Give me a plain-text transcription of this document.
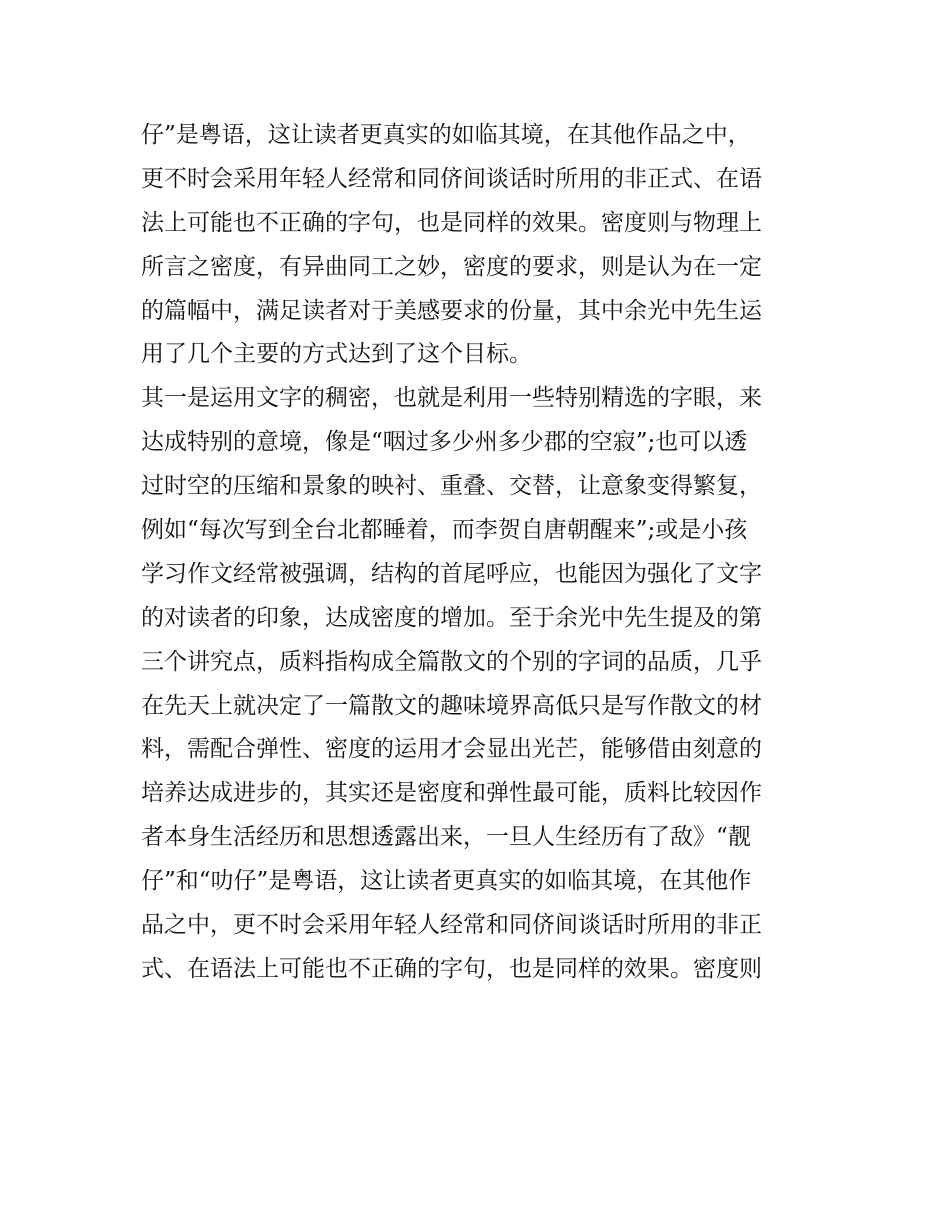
仔”是粤语，这让读者更真实的如临其境，在其他作品之中，
更不时会采用年轻人经常和同侪间谈话时所用的非正式、在语
法上可能也不正确的字句，也是同样的效果。密度则与物理上
所言之密度，有异曲同工之妙，密度的要求，则是认为在一定
的篇幅中，满足读者对于美感要求的份量，其中余光中先生运
用了几个主要的方式达到了这个目标。
其一是运用文字的稠密，也就是利用一些特别精选的字眼，来
达成特别的意境，像是“咽过多少州多少郡的空寂”;也可以透
过时空的压缩和景象的映衬、重叠、交替，让意象变得繁复，
例如“每次写到全台北都睡着，而李贺自唐朝醒来”;或是小孩
学习作文经常被强调，结构的首尾呼应，也能因为强化了文字
的对读者的印象，达成密度的增加。至于余光中先生提及的第
三个讲究点，质料指构成全篇散文的个别的字词的品质，几乎
在先天上就决定了一篇散文的趣味境界高低只是写作散文的材
料，需配合弹性、密度的运用才会显出光芒，能够借由刻意的
培养达成进步的，其实还是密度和弹性最可能，质料比较因作
者本身生活经历和思想透露出来，一旦人生经历有了敌》“靓
仔”和“叻仔”是粤语，这让读者更真实的如临其境，在其他作
品之中，更不时会采用年轻人经常和同侪间谈话时所用的非正
式、在语法上可能也不正确的字句，也是同样的效果。密度则
